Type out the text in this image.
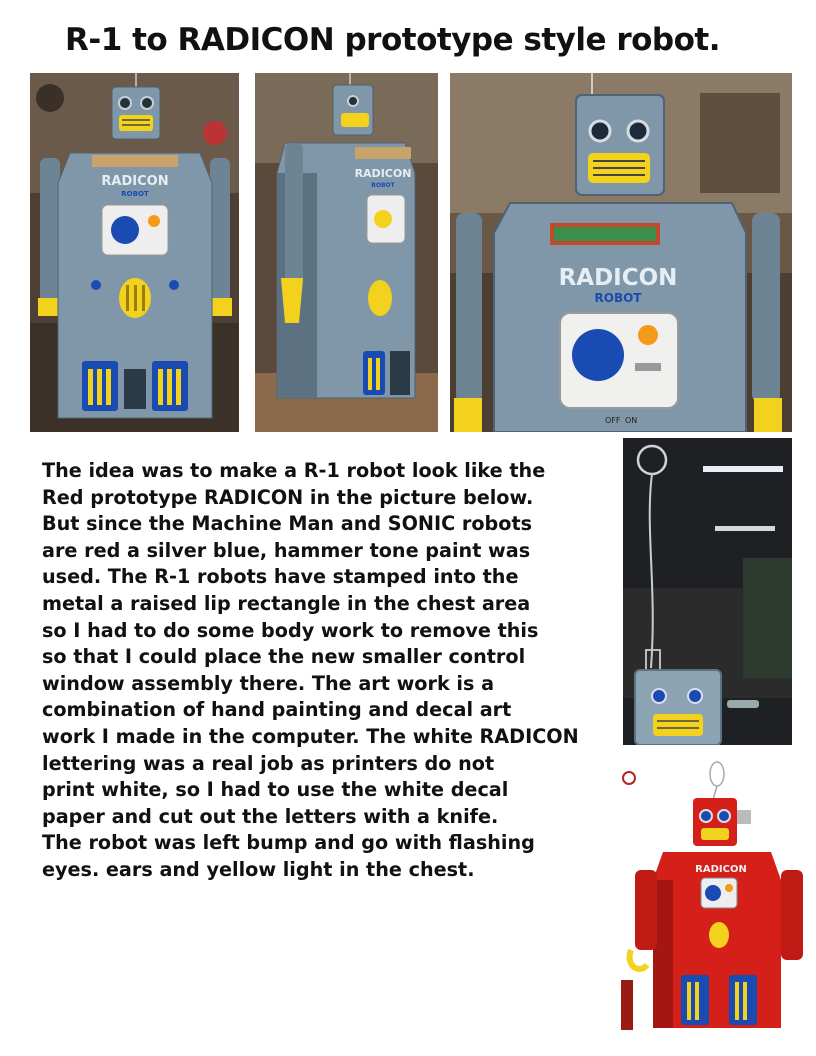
R-1 to RADICON prototype style robot.
RADICON
ROBOT
RADICON
ROBOT
RADICON
ROBOT
OFF ON
The idea was to make a R-1 robot look like the
Red prototype RADICON in the picture below.
But since the Machine Man and SONIC robots
are red a silver blue, hammer tone paint was
used. The R-1 robots have stamped into the
metal a raised lip rectangle in the chest area
so I had to do some body work to remove this
so that I could place the new smaller control
window assembly there. The art work is a
combination of hand painting and decal art
work I made in the computer. The white RADICON
lettering was a real job as printers do not
print white, so I had to use the white decal
paper and cut out the letters with a knife.
The robot was left bump and go with flashing
eyes. ears and yellow light in the chest.	RADICON
